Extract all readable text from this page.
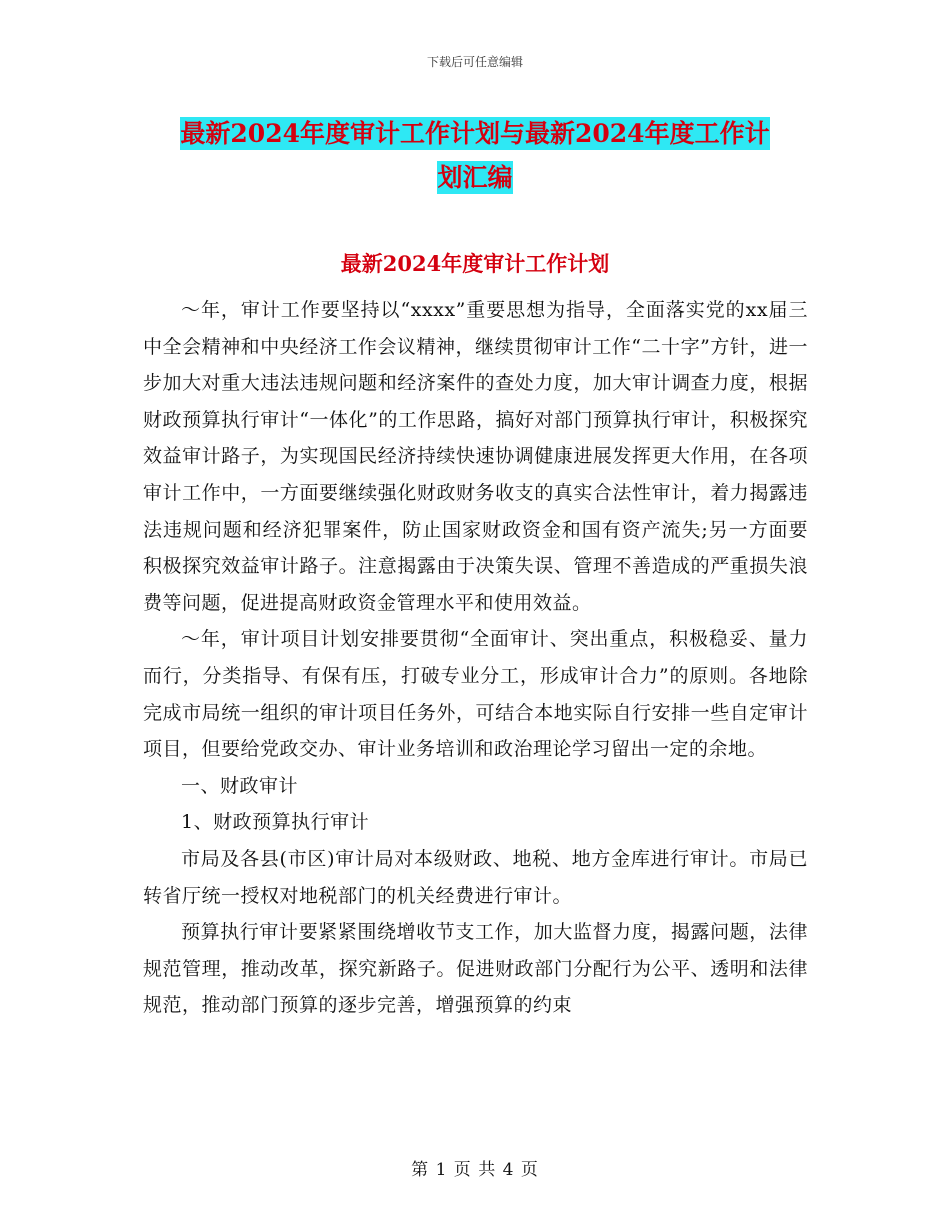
下载后可任意编辑
最新2024年度审计工作计划与最新2024年度工作计
划汇编
最新2024年度审计工作计划

～年，审计工作要坚持以“xxxx”重要思想为指导，全面落实党的xx届三中全会精神和中央经济工作会议精神，继续贯彻审计工作“二十字”方针，进一步加大对重大违法违规问题和经济案件的查处力度，加大审计调查力度，根据财政预算执行审计“一体化”的工作思路，搞好对部门预算执行审计，积极探究效益审计路子，为实现国民经济持续快速协调健康进展发挥更大作用，在各项审计工作中，一方面要继续强化财政财务收支的真实合法性审计，着力揭露违法违规问题和经济犯罪案件，防止国家财政资金和国有资产流失;另一方面要积极探究效益审计路子。注意揭露由于决策失误、管理不善造成的严重损失浪费等问题，促进提高财政资金管理水平和使用效益。

～年，审计项目计划安排要贯彻“全面审计、突出重点，积极稳妥、量力而行，分类指导、有保有压，打破专业分工，形成审计合力”的原则。各地除完成市局统一组织的审计项目任务外，可结合本地实际自行安排一些自定审计项目，但要给党政交办、审计业务培训和政治理论学习留出一定的余地。

一、财政审计

1、财政预算执行审计

市局及各县(市区)审计局对本级财政、地税、地方金库进行审计。市局已转省厅统一授权对地税部门的机关经费进行审计。

预算执行审计要紧紧围绕增收节支工作，加大监督力度，揭露问题，法律规范管理，推动改革，探究新路子。促进财政部门分配行为公平、透明和法律规范，推动部门预算的逐步完善，增强预算的约束

第 1 页 共 4 页
